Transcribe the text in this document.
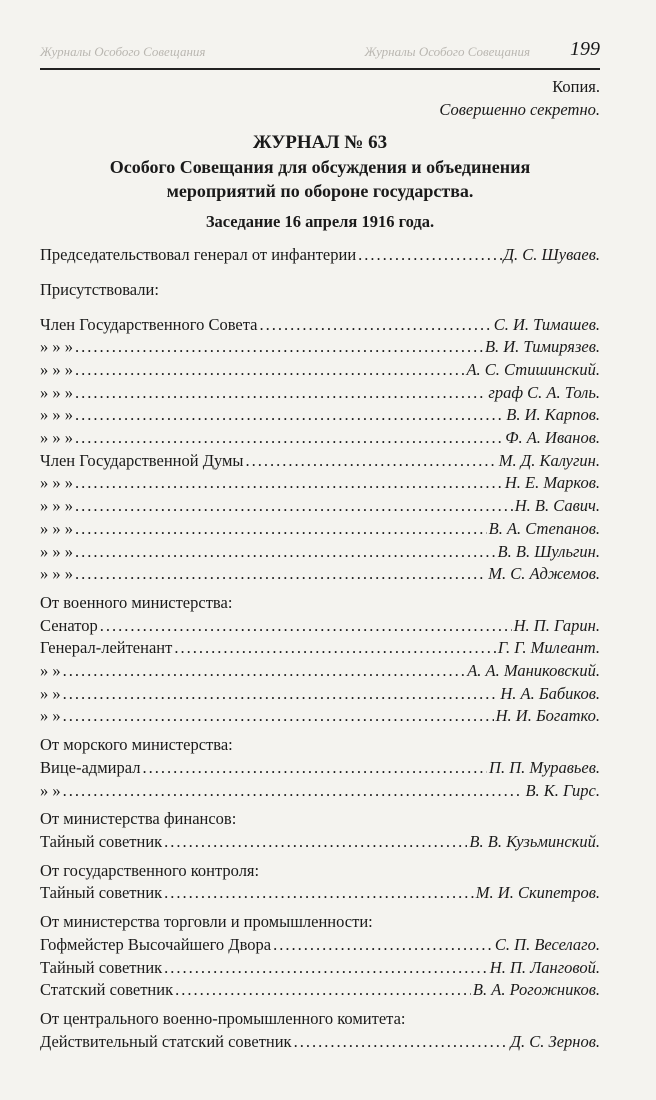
Журналы Особого Совещания	Журналы Особого Совещания 199
Копия.
Совершенно секретно.
ЖУРНАЛ № 63
Особого Совещания для обсуждения и объединения
мероприятий по обороне государства.
Заседание 16 апреля 1916 года.
Председательствовал генерал от инфантерии .....	Д. С. Шуваев.
Присутствовали:
Член Государственного Совета .....	С. И. Тимашев.
» » » .....	В. И. Тимирязев.
» » » .....	А. С. Стишинский.
» » » .....	граф С. А. Толь.
» » » .....	В. И. Карпов.
» » » .....	Ф. А. Иванов.
Член Государственной Думы .....	М. Д. Калугин.
» » » .....	Н. Е. Марков.
» » » .....	Н. В. Савич.
» » » .....	В. А. Степанов.
» » » .....	В. В. Шульгин.
» » » .....	М. С. Аджемов.
От военного министерства:
Сенатор .....	Н. П. Гарин.
Генерал-лейтенант .....	Г. Г. Милеант.
» » .....	А. А. Маниковский.
» » .....	Н. А. Бабиков.
» » .....	Н. И. Богатко.
От морского министерства:
Вице-адмирал .....	П. П. Муравьев.
» » .....	В. К. Гирс.
От министерства финансов:
Тайный советник .....	В. В. Кузьминский.
От государственного контроля:
Тайный советник .....	М. И. Скипетров.
От министерства торговли и промышленности:
Гофмейстер Высочайшего Двора .....	С. П. Веселаго.
Тайный советник .....	Н. П. Ланговой.
Статский советник .....	В. А. Рогожников.
От центрального военно-промышленного комитета:
Действительный статский советник .....	Д. С. Зернов.
